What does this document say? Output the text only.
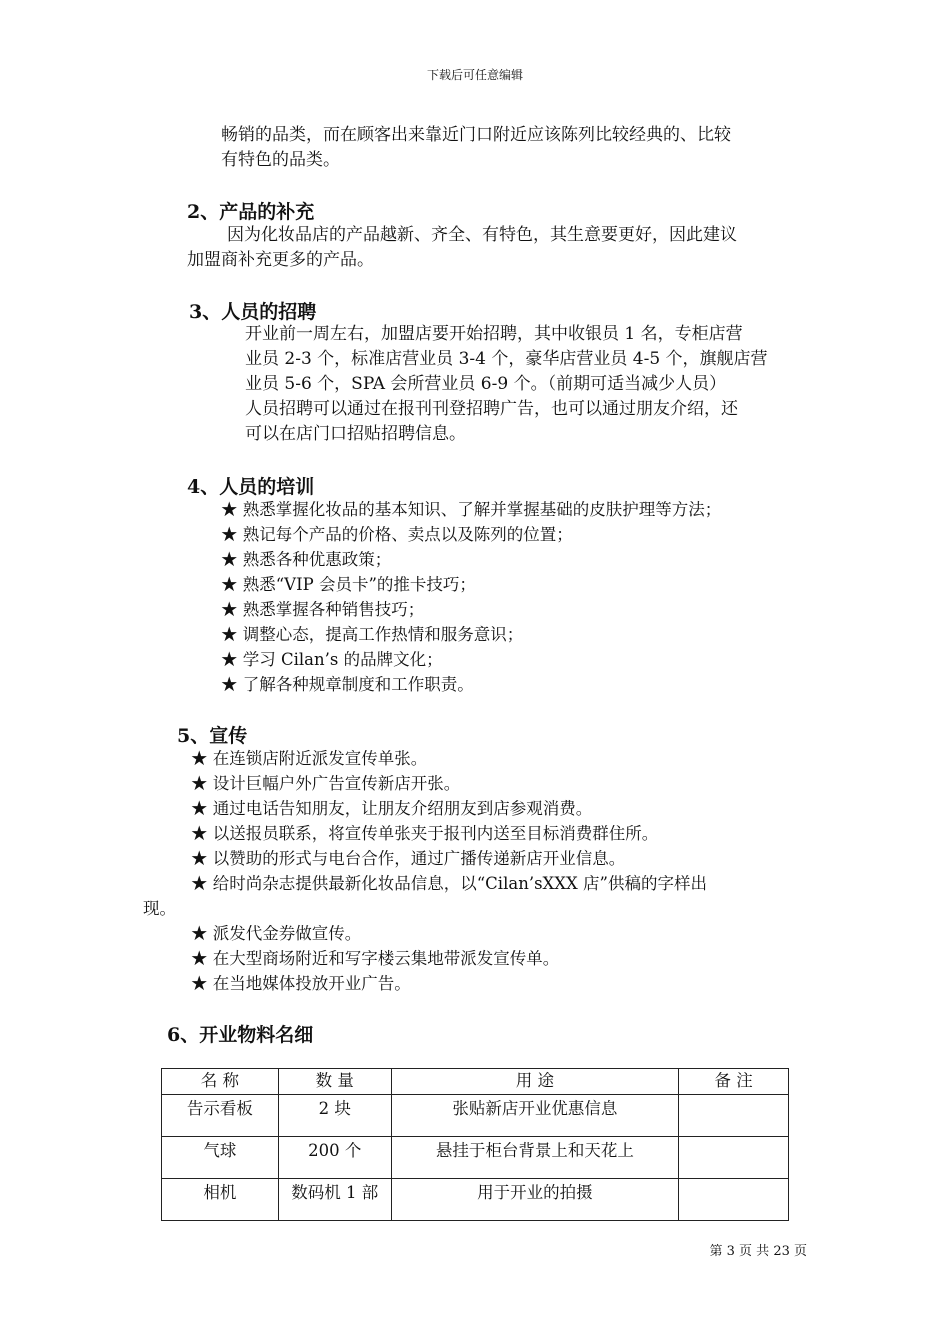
下载后可任意编辑

畅销的品类，而在顾客出来靠近门口附近应该陈列比较经典的、比较

有特色的品类。

2、产品的补充

因为化妆品店的产品越新、齐全、有特色，其生意要更好，因此建议

加盟商补充更多的产品。

3、人员的招聘

开业前一周左右，加盟店要开始招聘，其中收银员 1 名，专柜店营

业员 2-3 个，标准店营业员 3-4 个，豪华店营业员 4-5 个，旗舰店营

业员 5-6 个，SPA 会所营业员 6-9 个。（前期可适当减少人员）

人员招聘可以通过在报刊刊登招聘广告，也可以通过朋友介绍，还

可以在店门口招贴招聘信息。

4、人员的培训

★ 熟悉掌握化妆品的基本知识、了解并掌握基础的皮肤护理等方法；

★ 熟记每个产品的价格、卖点以及陈列的位置；

★ 熟悉各种优惠政策；

★ 熟悉“VIP 会员卡”的推卡技巧；

★ 熟悉掌握各种销售技巧；

★ 调整心态，提高工作热情和服务意识；

★ 学习 Cilan’s 的品牌文化；

★ 了解各种规章制度和工作职责。

5、宣传

★ 在连锁店附近派发宣传单张。

★ 设计巨幅户外广告宣传新店开张。

★ 通过电话告知朋友，让朋友介绍朋友到店参观消费。

★ 以送报员联系，将宣传单张夹于报刊内送至目标消费群住所。

★ 以赞助的形式与电台合作，通过广播传递新店开业信息。

★ 给时尚杂志提供最新化妆品信息，以“Cilan’sXXX 店”供稿的字样出

现。

★ 派发代金券做宣传。

★ 在大型商场附近和写字楼云集地带派发宣传单。

★ 在当地媒体投放开业广告。

6、开业物料名细
名 称	数 量	用 途	备 注
告示看板	2 块	张贴新店开业优惠信息	
气球	200 个	悬挂于柜台背景上和天花上	
相机	数码机 1 部	用于开业的拍摄	
第 3 页 共 23 页
